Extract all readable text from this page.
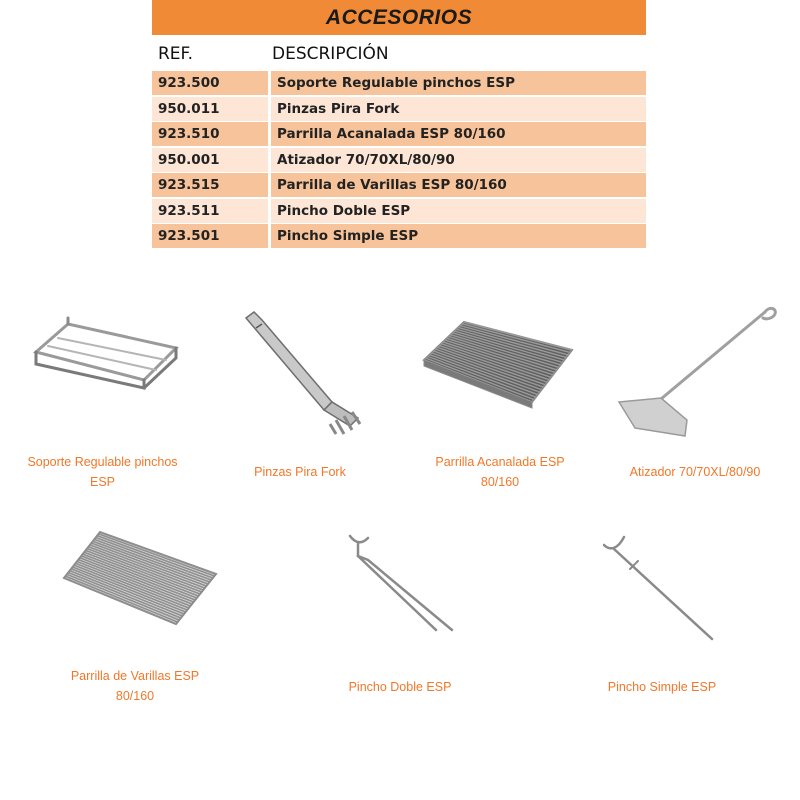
ACCESORIOS
REF.	DESCRIPCIÓN
923.500	Soporte Regulable pinchos ESP
950.011	Pinzas Pira Fork
923.510	Parrilla Acanalada ESP 80/160
950.001	Atizador 70/70XL/80/90
923.515	Parrilla de Varillas ESP 80/160
923.511	Pincho Doble ESP
923.501	Pincho Simple ESP
Soporte Regulable pinchos ESP
Pinzas Pira Fork
Parrilla Acanalada ESP 80/160
Atizador 70/70XL/80/90
Parrilla de Varillas ESP 80/160
Pincho Doble ESP	Pincho Simple ESP
